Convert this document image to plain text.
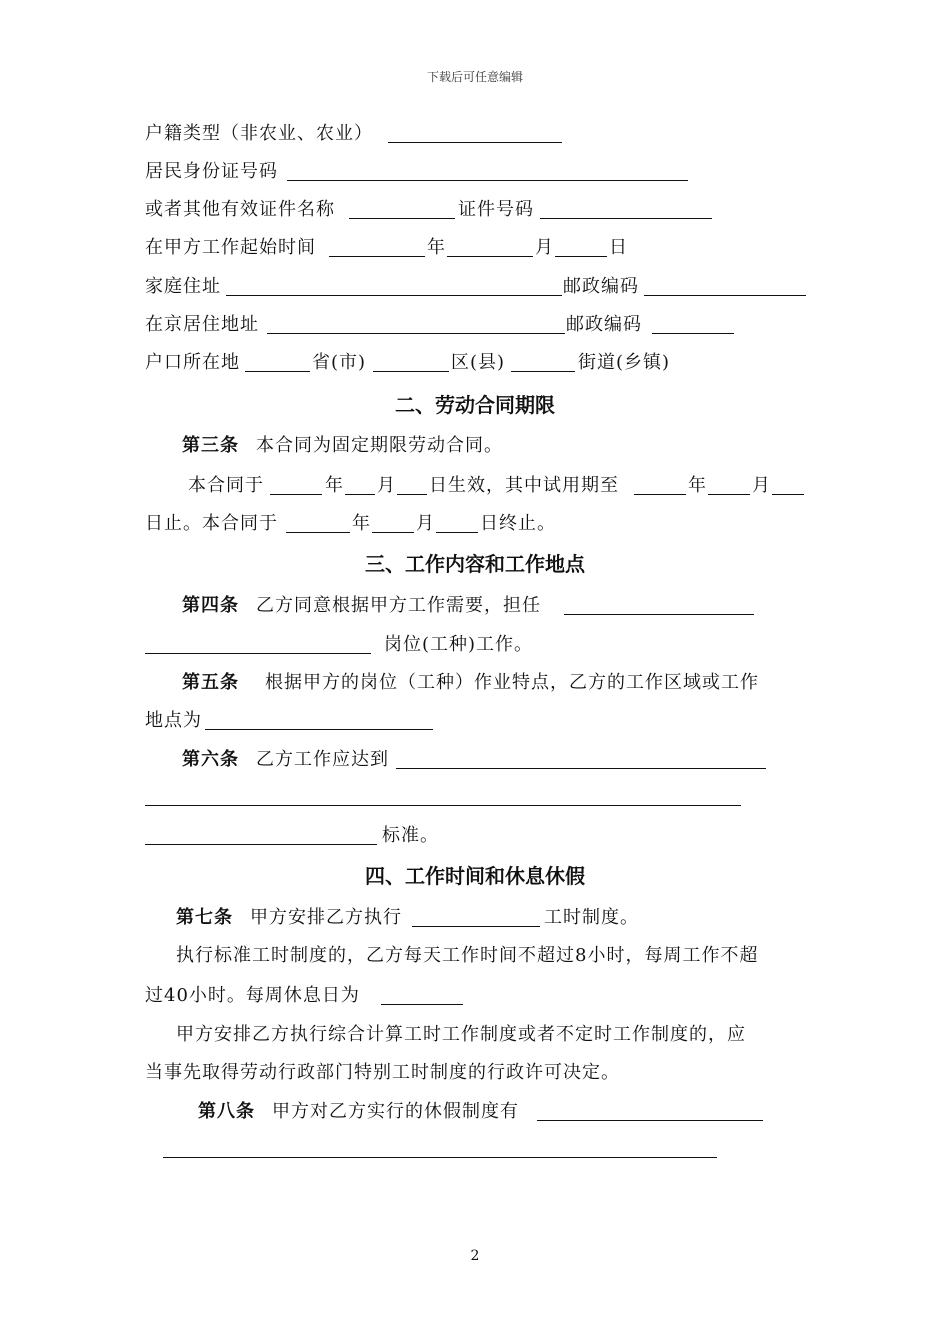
下载后可任意编辑
户籍类型（非农业、农业）
居民身份证号码
或者其他有效证件名称	证件号码
在甲方工作起始时间	年	月	日
家庭住址	邮政编码
在京居住地址	邮政编码
户口所在地	省(市)	区(县)	街道(乡镇)
二、劳动合同期限
第三条 本合同为固定期限劳动合同。
本合同于	年 月 日生效，其中试用期至	年	月
日止。本合同于	年	月	日终止。
三、工作内容和工作地点
第四条 乙方同意根据甲方工作需要，担任
岗位(工种)工作。
第五条 根据甲方的岗位（工种）作业特点，乙方的工作区域或工作
地点为
第六条 乙方工作应达到
标准。
四、工作时间和休息休假
第七条 甲方安排乙方执行	工时制度。
执行标准工时制度的，乙方每天工作时间不超过8小时，每周工作不超
过40小时。每周休息日为
甲方安排乙方执行综合计算工时工作制度或者不定时工作制度的，应
当事先取得劳动行政部门特别工时制度的行政许可决定。
第八条 甲方对乙方实行的休假制度有
2
